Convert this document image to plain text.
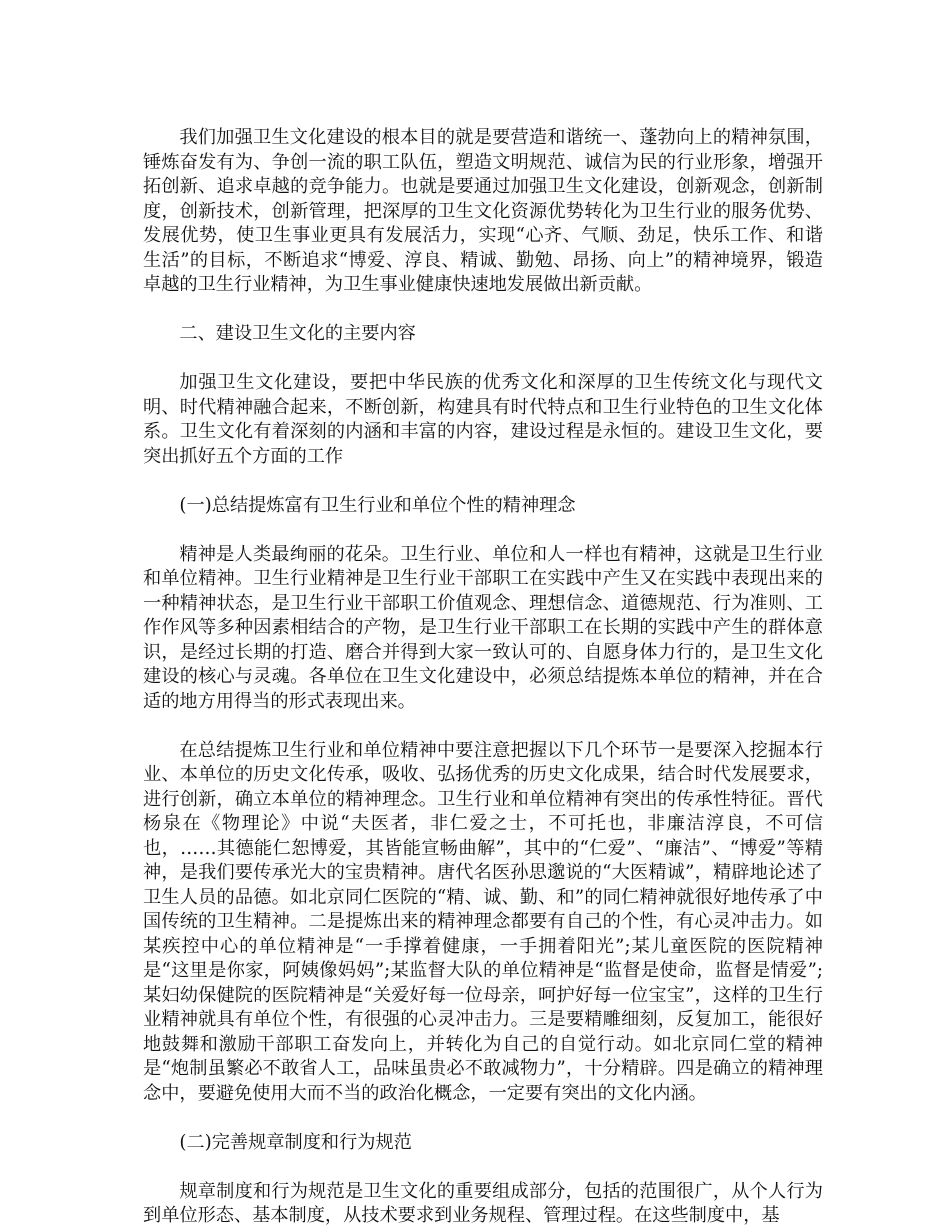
我们加强卫生文化建设的根本目的就是要营造和谐统一、蓬勃向上的精神氛围，锤炼奋发有为、争创一流的职工队伍，塑造文明规范、诚信为民的行业形象，增强开拓创新、追求卓越的竞争能力。也就是要通过加强卫生文化建设，创新观念，创新制度，创新技术，创新管理，把深厚的卫生文化资源优势转化为卫生行业的服务优势、发展优势，使卫生事业更具有发展活力，实现“心齐、气顺、劲足，快乐工作、和谐生活”的目标，不断追求“博爱、淳良、精诚、勤勉、昂扬、向上”的精神境界，锻造卓越的卫生行业精神，为卫生事业健康快速地发展做出新贡献。

二、建设卫生文化的主要内容

加强卫生文化建设，要把中华民族的优秀文化和深厚的卫生传统文化与现代文明、时代精神融合起来，不断创新，构建具有时代特点和卫生行业特色的卫生文化体系。卫生文化有着深刻的内涵和丰富的内容，建设过程是永恒的。建设卫生文化，要突出抓好五个方面的工作

(一)总结提炼富有卫生行业和单位个性的精神理念

精神是人类最绚丽的花朵。卫生行业、单位和人一样也有精神，这就是卫生行业和单位精神。卫生行业精神是卫生行业干部职工在实践中产生又在实践中表现出来的一种精神状态，是卫生行业干部职工价值观念、理想信念、道德规范、行为准则、工作作风等多种因素相结合的产物，是卫生行业干部职工在长期的实践中产生的群体意识，是经过长期的打造、磨合并得到大家一致认可的、自愿身体力行的，是卫生文化建设的核心与灵魂。各单位在卫生文化建设中，必须总结提炼本单位的精神，并在合适的地方用得当的形式表现出来。

在总结提炼卫生行业和单位精神中要注意把握以下几个环节一是要深入挖掘本行业、本单位的历史文化传承，吸收、弘扬优秀的历史文化成果，结合时代发展要求，进行创新，确立本单位的精神理念。卫生行业和单位精神有突出的传承性特征。晋代杨泉在《物理论》中说“夫医者，非仁爱之士，不可托也，非廉洁淳良，不可信也，……其德能仁恕博爱，其皆能宣畅曲解”，其中的“仁爱”、“廉洁”、“博爱”等精神，是我们要传承光大的宝贵精神。唐代名医孙思邈说的“大医精诚”，精辟地论述了卫生人员的品德。如北京同仁医院的“精、诚、勤、和”的同仁精神就很好地传承了中国传统的卫生精神。二是提炼出来的精神理念都要有自己的个性，有心灵冲击力。如某疾控中心的单位精神是“一手撑着健康，一手拥着阳光”;某儿童医院的医院精神是“这里是你家，阿姨像妈妈”;某监督大队的单位精神是“监督是使命，监督是情爱”;某妇幼保健院的医院精神是“关爱好每一位母亲，呵护好每一位宝宝”，这样的卫生行业精神就具有单位个性，有很强的心灵冲击力。三是要精雕细刻，反复加工，能很好地鼓舞和激励干部职工奋发向上，并转化为自己的自觉行动。如北京同仁堂的精神是“炮制虽繁必不敢省人工，品味虽贵必不敢减物力”，十分精辟。四是确立的精神理念中，要避免使用大而不当的政治化概念，一定要有突出的文化内涵。

(二)完善规章制度和行为规范

规章制度和行为规范是卫生文化的重要组成部分，包括的范围很广，从个人行为到单位形态、基本制度，从技术要求到业务规程、管理过程。在这些制度中，基
